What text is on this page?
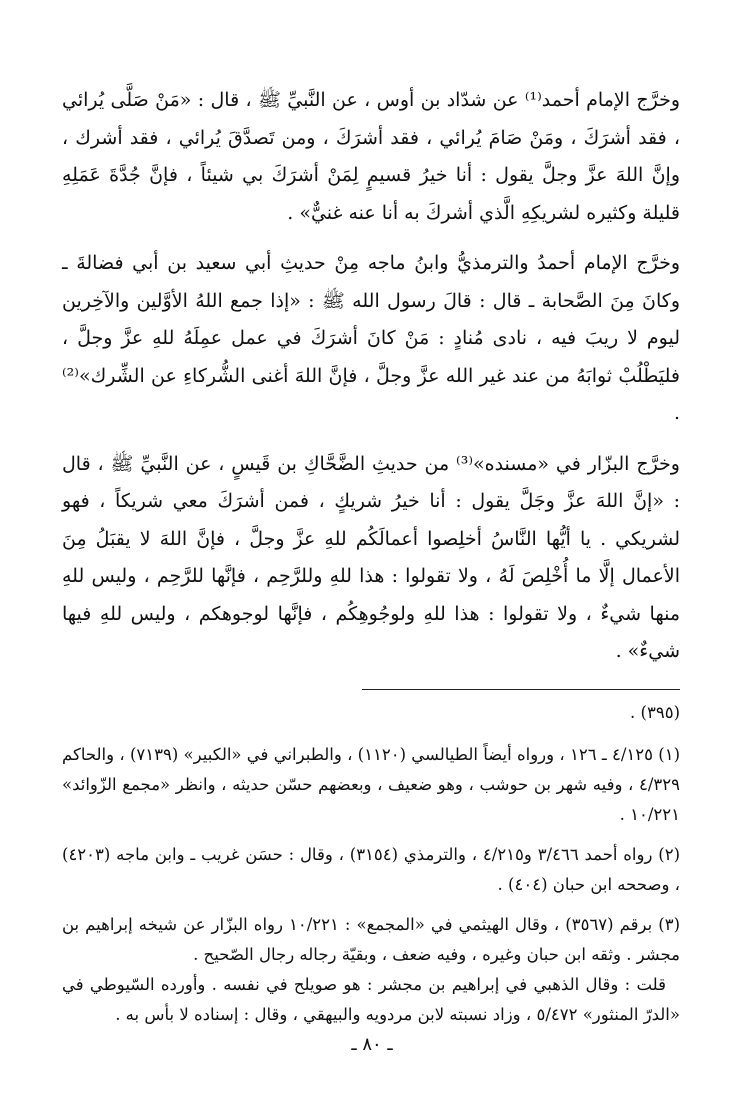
وخرَّج الإمام أحمد⁽¹⁾ عن شدّاد بن أوس ، عن النَّبيِّ ﷺ ، قال : «مَنْ صَلَّى يُرائي ، فقد أشرَكَ ، ومَنْ صَامَ يُرائي ، فقد أشرَكَ ، ومن تَصدَّقَ يُرائي ، فقد أشرك ، وإنَّ اللهَ عزَّ وجلَّ يقول : أنا خيرُ قسيمٍ لِمَنْ أشرَكَ بي شيئاً ، فإنَّ جُدَّةَ عَمَلِهِ قليلة وكثيره لشريكِهِ الَّذي أشركَ به أنا عنه غنيٌّ» .

وخرَّج الإمام أحمدُ والترمذيُّ وابنُ ماجه مِنْ حديثِ أبي سعيد بن أبي فضالةَ ـ وكانَ مِنَ الصَّحابة ـ قال : قالَ رسول الله ﷺ : «إذا جمع اللهُ الأوَّلين والآخِرين ليوم لا ريبَ فيه ، نادى مُنادٍ : مَنْ كانَ أشرَكَ في عمل عمِلَهُ للهِ عزَّ وجلَّ ، فليَطْلُبْ ثوابَهُ من عند غير الله عزَّ وجلَّ ، فإنَّ اللهَ أغنى الشُّركاءِ عن الشِّرك»⁽²⁾ .

وخرَّج البزّار في «مسنده»⁽³⁾ من حديثِ الضَّحَّاكِ بن قَيسٍ ، عن النَّبيِّ ﷺ ، قال : «إنَّ اللهَ عزَّ وجَلَّ يقول : أنا خيرُ شريكٍ ، فمن أشرَكَ معي شريكاً ، فهو لشريكي . يا أيُّها النَّاسُ أخلِصوا أعمالَكُم للهِ عزَّ وجلَّ ، فإنَّ اللهَ لا يقبَلُ مِنَ الأعمال إلَّا ما أُخْلِصَ لَهُ ، ولا تقولوا : هذا للهِ وللرَّحِم ، فإنَّها للرَّحِم ، وليس للهِ منها شيءٌ ، ولا تقولوا : هذا للهِ ولوجُوهِكُم ، فإنَّها لوجوهكم ، وليس للهِ فيها شيءٌ» .

(٣٩٥) .

(١) ٤/١٢٥ ـ ١٢٦ ، ورواه أيضاً الطيالسي (١١٢٠) ، والطبراني في «الكبير» (٧١٣٩) ، والحاكم ٤/٣٢٩ ، وفيه شهر بن حوشب ، وهو ضعيف ، وبعضهم حسّن حديثه ، وانظر «مجمع الزّوائد» ١٠/٢٢١ .

(٢) رواه أحمد ٣/٤٦٦ و٤/٢١٥ ، والترمذي (٣١٥٤) ، وقال : حسَن غريب ـ وابن ماجه (٤٢٠٣) ، وصححه ابن حبان (٤٠٤) .

(٣) برقم (٣٥٦٧) ، وقال الهيثمي في «المجمع» : ١٠/٢٢١ رواه البزّار عن شيخه إبراهيم بن مجشر . وثقه ابن حبان وغيره ، وفيه ضعف ، وبقيّة رجاله رجال الصّحيح .

قلت : وقال الذهبي في إبراهيم بن مجشر : هو صويلح في نفسه . وأورده السّيوطي في «الدرّ المنثور» ٥/٤٧٢ ، وزاد نسبته لابن مردويه والبيهقي ، وقال : إسناده لا بأس به .

ـ ٨٠ ـ
